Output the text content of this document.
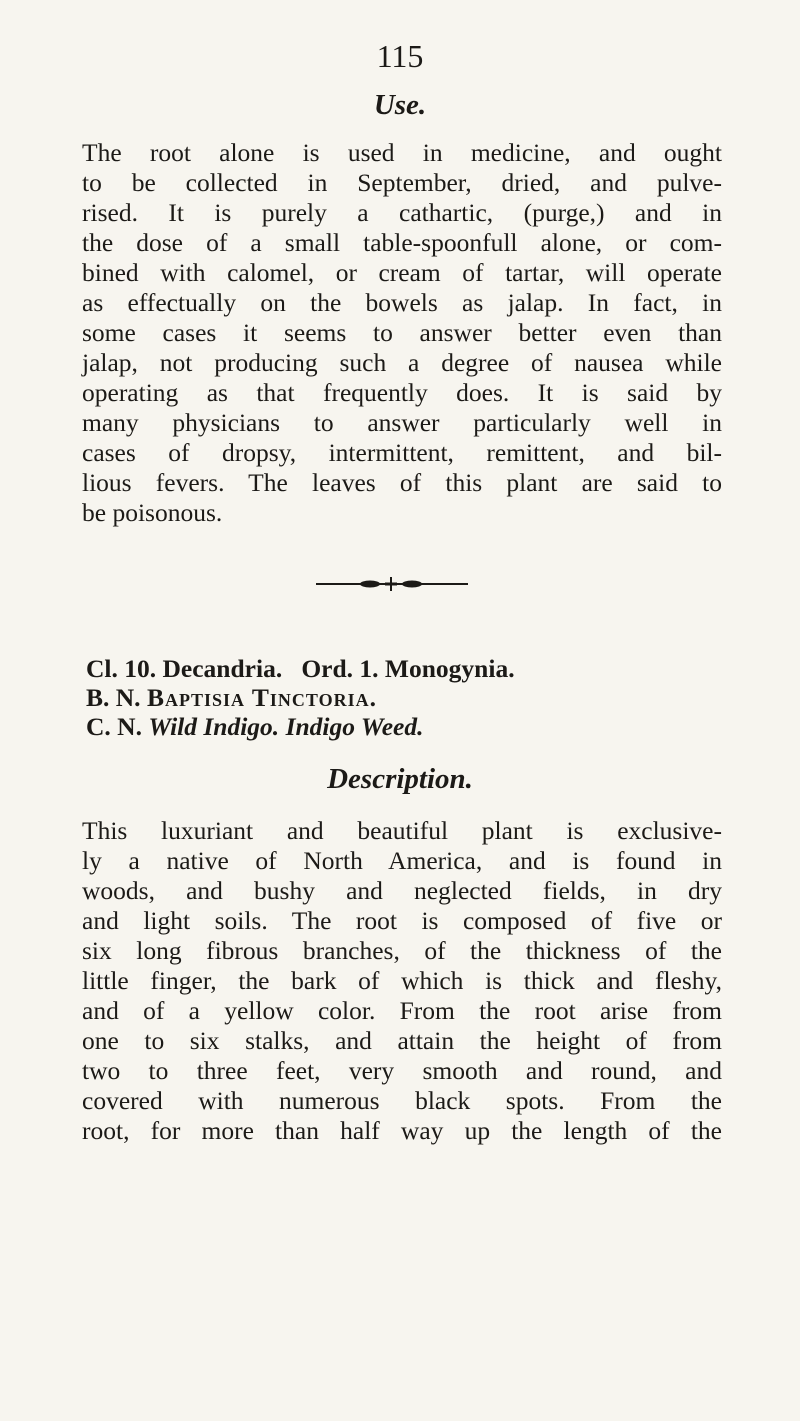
115
Use.
The root alone is used in medicine, and ought
to be collected in September, dried, and pulve-
rised. It is purely a cathartic, (purge,) and in
the dose of a small table-spoonfull alone, or com-
bined with calomel, or cream of tartar, will operate
as effectually on the bowels as jalap. In fact, in
some cases it seems to answer better even than
jalap, not producing such a degree of nausea while
operating as that frequently does. It is said by
many physicians to answer particularly well in
cases of dropsy, intermittent, remittent, and bil-
lious fevers. The leaves of this plant are said to
be poisonous.
Cl. 10. Decandria. Ord. 1. Monogynia.
B. N. Baptisia Tinctoria.
C. N. Wild Indigo. Indigo Weed.
Description.
This luxuriant and beautiful plant is exclusive-
ly a native of North America, and is found in
woods, and bushy and neglected fields, in dry
and light soils. The root is composed of five or
six long fibrous branches, of the thickness of the
little finger, the bark of which is thick and fleshy,
and of a yellow color. From the root arise from
one to six stalks, and attain the height of from
two to three feet, very smooth and round, and
covered with numerous black spots. From the
root, for more than half way up the length of the
